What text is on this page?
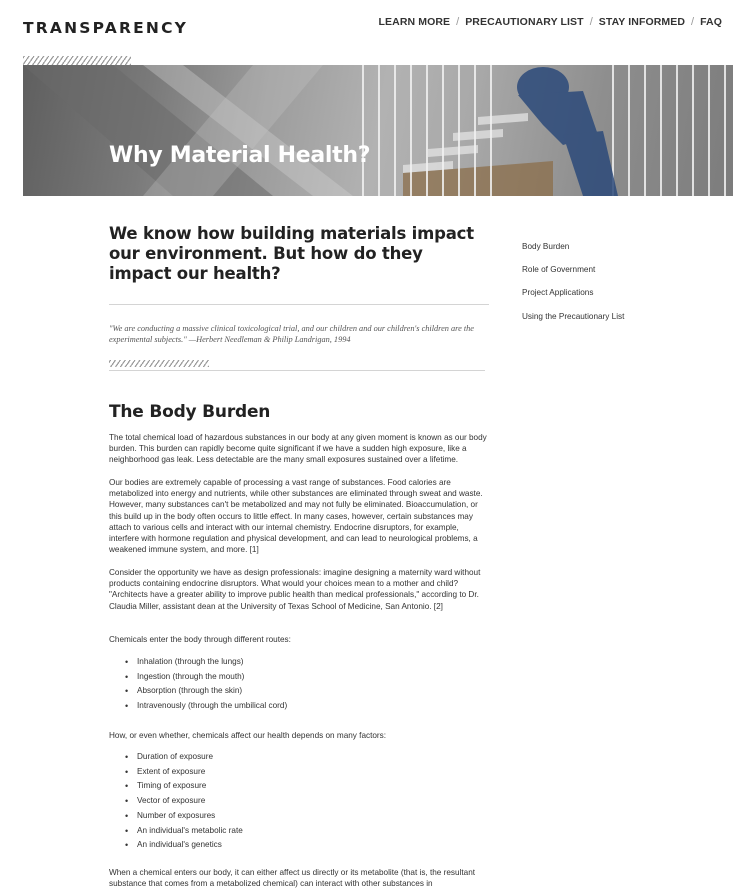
TRANSPARENCY	LEARN MORE / PRECAUTIONARY LIST / STAY INFORMED / FAQ
Why Material Health?
We know how building materials impact our environment. But how do they impact our health?

"We are conducting a massive clinical toxicological trial, and our children and our children's children are the experimental subjects." —Herbert Needleman & Philip Landrigan, 1994

The Body Burden

The total chemical load of hazardous substances in our body at any given moment is known as our body burden. This burden can rapidly become quite significant if we have a sudden high exposure, like a neighborhood gas leak. Less detectable are the many small exposures sustained over a lifetime.

Our bodies are extremely capable of processing a vast range of substances. Food calories are metabolized into energy and nutrients, while other substances are eliminated through sweat and waste. However, many substances can't be metabolized and may not fully be eliminated. Bioaccumulation, or this build up in the body often occurs to little effect. In many cases, however, certain substances may attach to various cells and interact with our internal chemistry. Endocrine disruptors, for example, interfere with hormone regulation and physical development, and can lead to neurological problems, a weakened immune system, and more. [1]

Consider the opportunity we have as design professionals: imagine designing a maternity ward without products containing endocrine disruptors. What would your choices mean to a mother and child? "Architects have a greater ability to improve public health than medical professionals," according to Dr. Claudia Miller, assistant dean at the University of Texas School of Medicine, San Antonio. [2]

Chemicals enter the body through different routes:

• Inhalation (through the lungs)
• Ingestion (through the mouth)
• Absorption (through the skin)
• Intravenously (through the umbilical cord)

How, or even whether, chemicals affect our health depends on many factors:

• Duration of exposure
• Extent of exposure
• Timing of exposure
• Vector of exposure
• Number of exposures
• An individual's metabolic rate
• An individual's genetics

When a chemical enters our body, it can either affect us directly or its metabolite (that is, the resultant substance that comes from a metabolized chemical) can interact with other substances in

Body Burden
Role of Government
Project Applications
Using the Precautionary List
